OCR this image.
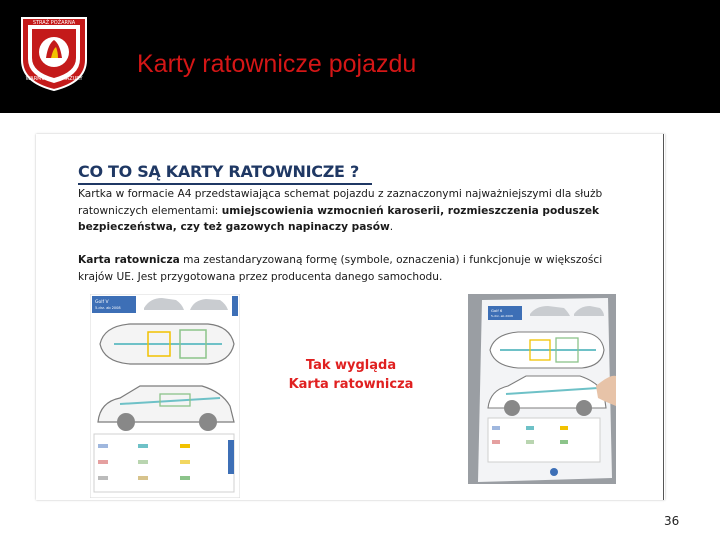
STRAŻ POŻARNA
WARMIA	MAZURY
Karty ratownicze pojazdu
CO TO SĄ KARTY RATOWNICZE ?
Kartka w formacie A4 przedstawiająca schemat pojazdu z zaznaczonymi najważniejszymi dla służb ratowniczych elementami: umiejscowienia wzmocnień karoserii, rozmieszczenia poduszek bezpieczeństwa, czy też gazowych napinaczy pasów.
Karta ratownicza ma zestandaryzowaną formę (symbole, oznaczenia) i funkcjonuje w większości krajów UE. Jest przygotowana przez producenta danego samochodu.
Golf V
5-drz. ab 2008
Tak wygląda
Karta ratownicza
Golf 6
5-drz. ab 2008
36
